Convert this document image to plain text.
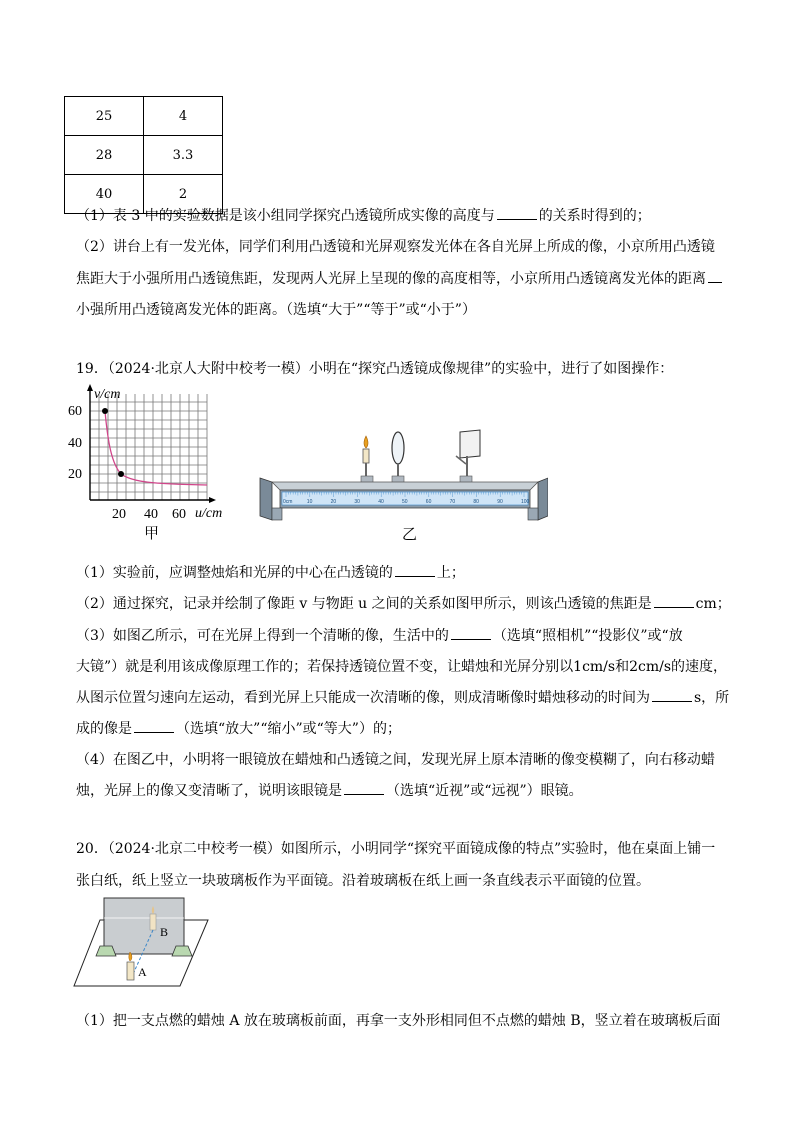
25	4
28	3.3
40	2
（1）表 3 中的实验数据是该小组同学探究凸透镜所成实像的高度与	的关系时得到的；
（2）讲台上有一发光体，同学们利用凸透镜和光屏观察发光体在各自光屏上所成的像，小京所用凸透镜
焦距大于小强所用凸透镜焦距，发现两人光屏上呈现的像的高度相等，小京所用凸透镜离发光体的距离
小强所用凸透镜离发光体的距离。（选填“大于”“等于”或“小于”）
19．（2024·北京人大附中校考一模）小明在“探究凸透镜成像规律”的实验中，进行了如图操作：
v/cm
60
40
20
20 40 60 u/cm
甲
0cm	10	20	30	40	50	60	70	80	90	100
乙
（1）实验前，应调整烛焰和光屏的中心在凸透镜的	上；
（2）通过探究，记录并绘制了像距 v 与物距 u 之间的关系如图甲所示，则该凸透镜的焦距是	cm；
（3）如图乙所示，可在光屏上得到一个清晰的像，生活中的	（选填“照相机”“投影仪”或“放
大镜”）就是利用该成像原理工作的；若保持透镜位置不变，让蜡烛和光屏分别以1cm/s和2cm/s的速度，
从图示位置匀速向左运动，看到光屏上只能成一次清晰的像，则成清晰像时蜡烛移动的时间为	s，所
成的像是	（选填“放大”“缩小”或“等大”）的；
（4）在图乙中，小明将一眼镜放在蜡烛和凸透镜之间，发现光屏上原本清晰的像变模糊了，向右移动蜡
烛，光屏上的像又变清晰了，说明该眼镜是	（选填“近视”或“远视”）眼镜。
20．（2024·北京二中校考一模）如图所示，小明同学“探究平面镜成像的特点”实验时，他在桌面上铺一
张白纸，纸上竖立一块玻璃板作为平面镜。沿着玻璃板在纸上画一条直线表示平面镜的位置。
B
A
（1）把一支点燃的蜡烛 A 放在玻璃板前面，再拿一支外形相同但不点燃的蜡烛 B，竖立着在玻璃板后面
